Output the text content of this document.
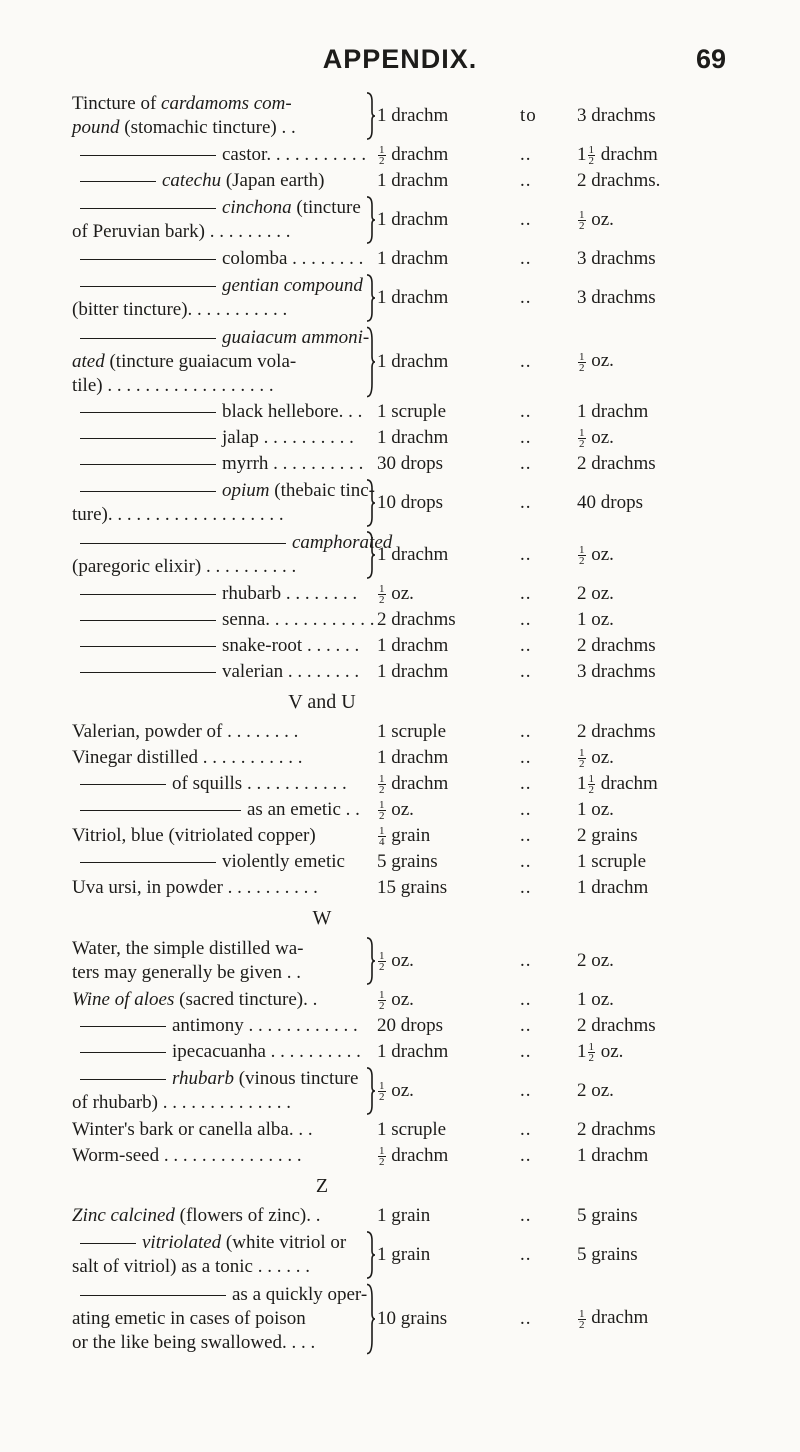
APPENDIX.	69
Tincture of cardamoms com-
pound (stomachic tincture) . .
1 drachm	to	3 drachms
castor. . . . . . . . . . .	$\frac{1}{2}$ drachm	..	$1 \frac{1}{2}$ drachm
catechu (Japan earth)	1 drachm	..	2 drachms.
cinchona (tincture
of Peruvian bark) . . . . . . . . .
1 drachm	..	$\frac{1}{2}$ oz.
colomba . . . . . . . . 1 drachm	..	3 drachms
gentian compound
(bitter tincture). . . . . . . . . . .
1 drachm	..	3 drachms
guaiacum ammoni-
ated (tincture guaiacum vola-
tile) . . . . . . . . . . . . . . . . . .
1 drachm	..	$\frac{1}{2}$ oz.
black hellebore. . . 1 scruple	..	1 drachm
jalap . . . . . . . . . .	1 drachm	..	$\frac{1}{2}$ oz.
myrrh . . . . . . . . . . 30 drops	..	2 drachms
opium (thebaic tinc-
ture). . . . . . . . . . . . . . . . . . .
10 drops	..	40 drops
camphorated
(paregoric elixir) . . . . . . . . . .
1 drachm	..	$\frac{1}{2}$ oz.
rhubarb . . . . . . . .	$\frac{1}{2}$ oz.	..	2 oz.
senna. . . . . . . . . . . . 2 drachms	..	1 oz.
snake-root . . . . . . 1 drachm	..	2 drachms
valerian . . . . . . . . 1 drachm	..	3 drachms
V and U
Valerian, powder of . . . . . . . .	1 scruple	..	2 drachms
Vinegar distilled . . . . . . . . . . .	1 drachm	..	$\frac{1}{2}$ oz.
of squills . . . . . . . . . . .	$\frac{1}{2}$ drachm	..	$1 \frac{1}{2}$ drachm
as an emetic . .	$\frac{1}{2}$ oz.	..	1 oz.
Vitriol, blue (vitriolated copper)	$\frac{1}{4}$ grain	..	2 grains
violently emetic	5 grains	..	1 scruple
Uva ursi, in powder . . . . . . . . . .	15 grains	..	1 drachm
W
Water, the simple distilled wa-
ters may generally be given . .
$\frac{1}{2}$ oz.	..	2 oz.
Wine of aloes (sacred tincture). .	$\frac{1}{2}$ oz.	..	1 oz.
antimony . . . . . . . . . . . .	20 drops	..	2 drachms
ipecacuanha . . . . . . . . . . 1 drachm	..	$1 \frac{1}{2}$ oz.
rhubarb (vinous tincture
of rhubarb) . . . . . . . . . . . . . .
$\frac{1}{2}$ oz.	..	2 oz.
Winter's bark or canella alba. . .	1 scruple	..	2 drachms
Worm-seed . . . . . . . . . . . . . . .	$\frac{1}{2}$ drachm	..	1 drachm
Z
Zinc calcined (flowers of zinc). .	1 grain	..	5 grains
vitriolated (white vitriol or
salt of vitriol) as a tonic . . . . . .
1 grain	..	5 grains
as a quickly oper-
ating emetic in cases of poison
or the like being swallowed. . . .
10 grains	..	$\frac{1}{2}$ drachm
